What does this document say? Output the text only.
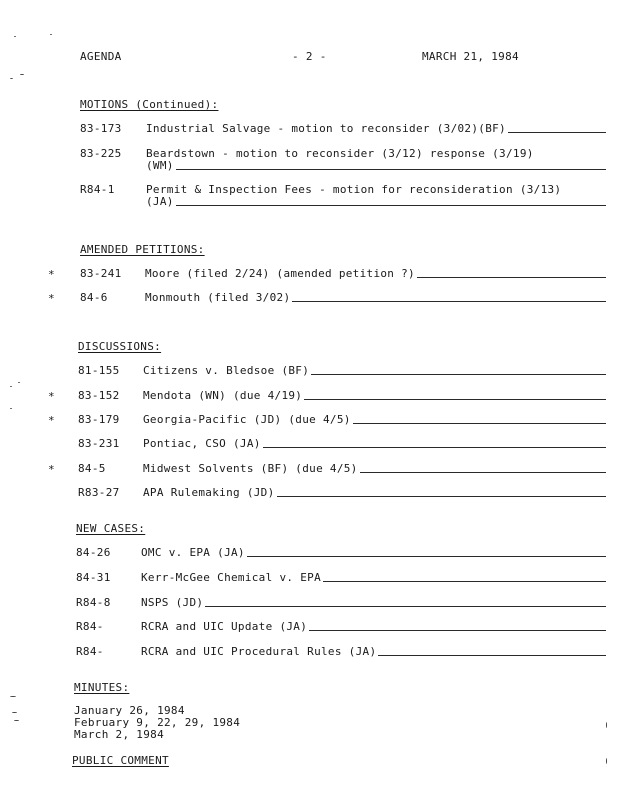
AGENDA	- 2 -	MARCH 21, 1984
MOTIONS (Continued):
83-173 Industrial Salvage - motion to reconsider (3/02)(BF)
83-225 Beardstown - motion to reconsider (3/12) response (3/19)
(WM)
R84-1	Permit & Inspection Fees - motion for reconsideration (3/13)
(JA)
AMENDED PETITIONS:
* 83-241 Moore (filed 2/24) (amended petition ?)
* 84-6	Monmouth (filed 3/02)
DISCUSSIONS:
81-155 Citizens v. Bledsoe (BF)
* 83-152 Mendota (WN) (due 4/19)
* 83-179 Georgia-Pacific (JD) (due 4/5)
83-231 Pontiac, CSO (JA)
* 84-5	Midwest Solvents (BF) (due 4/5)
R83-27 APA Rulemaking (JD)
NEW CASES:
84-26	OMC v. EPA (JA)
84-31	Kerr-McGee Chemical v. EPA
R84-8	NSPS (JD)
R84-	RCRA and UIC Update (JA)
R84-	RCRA and UIC Procedural Rules (JA)
MINUTES:
January 26, 1984
February 9, 22, 29, 1984
March 2, 1984
PUBLIC COMMENT
